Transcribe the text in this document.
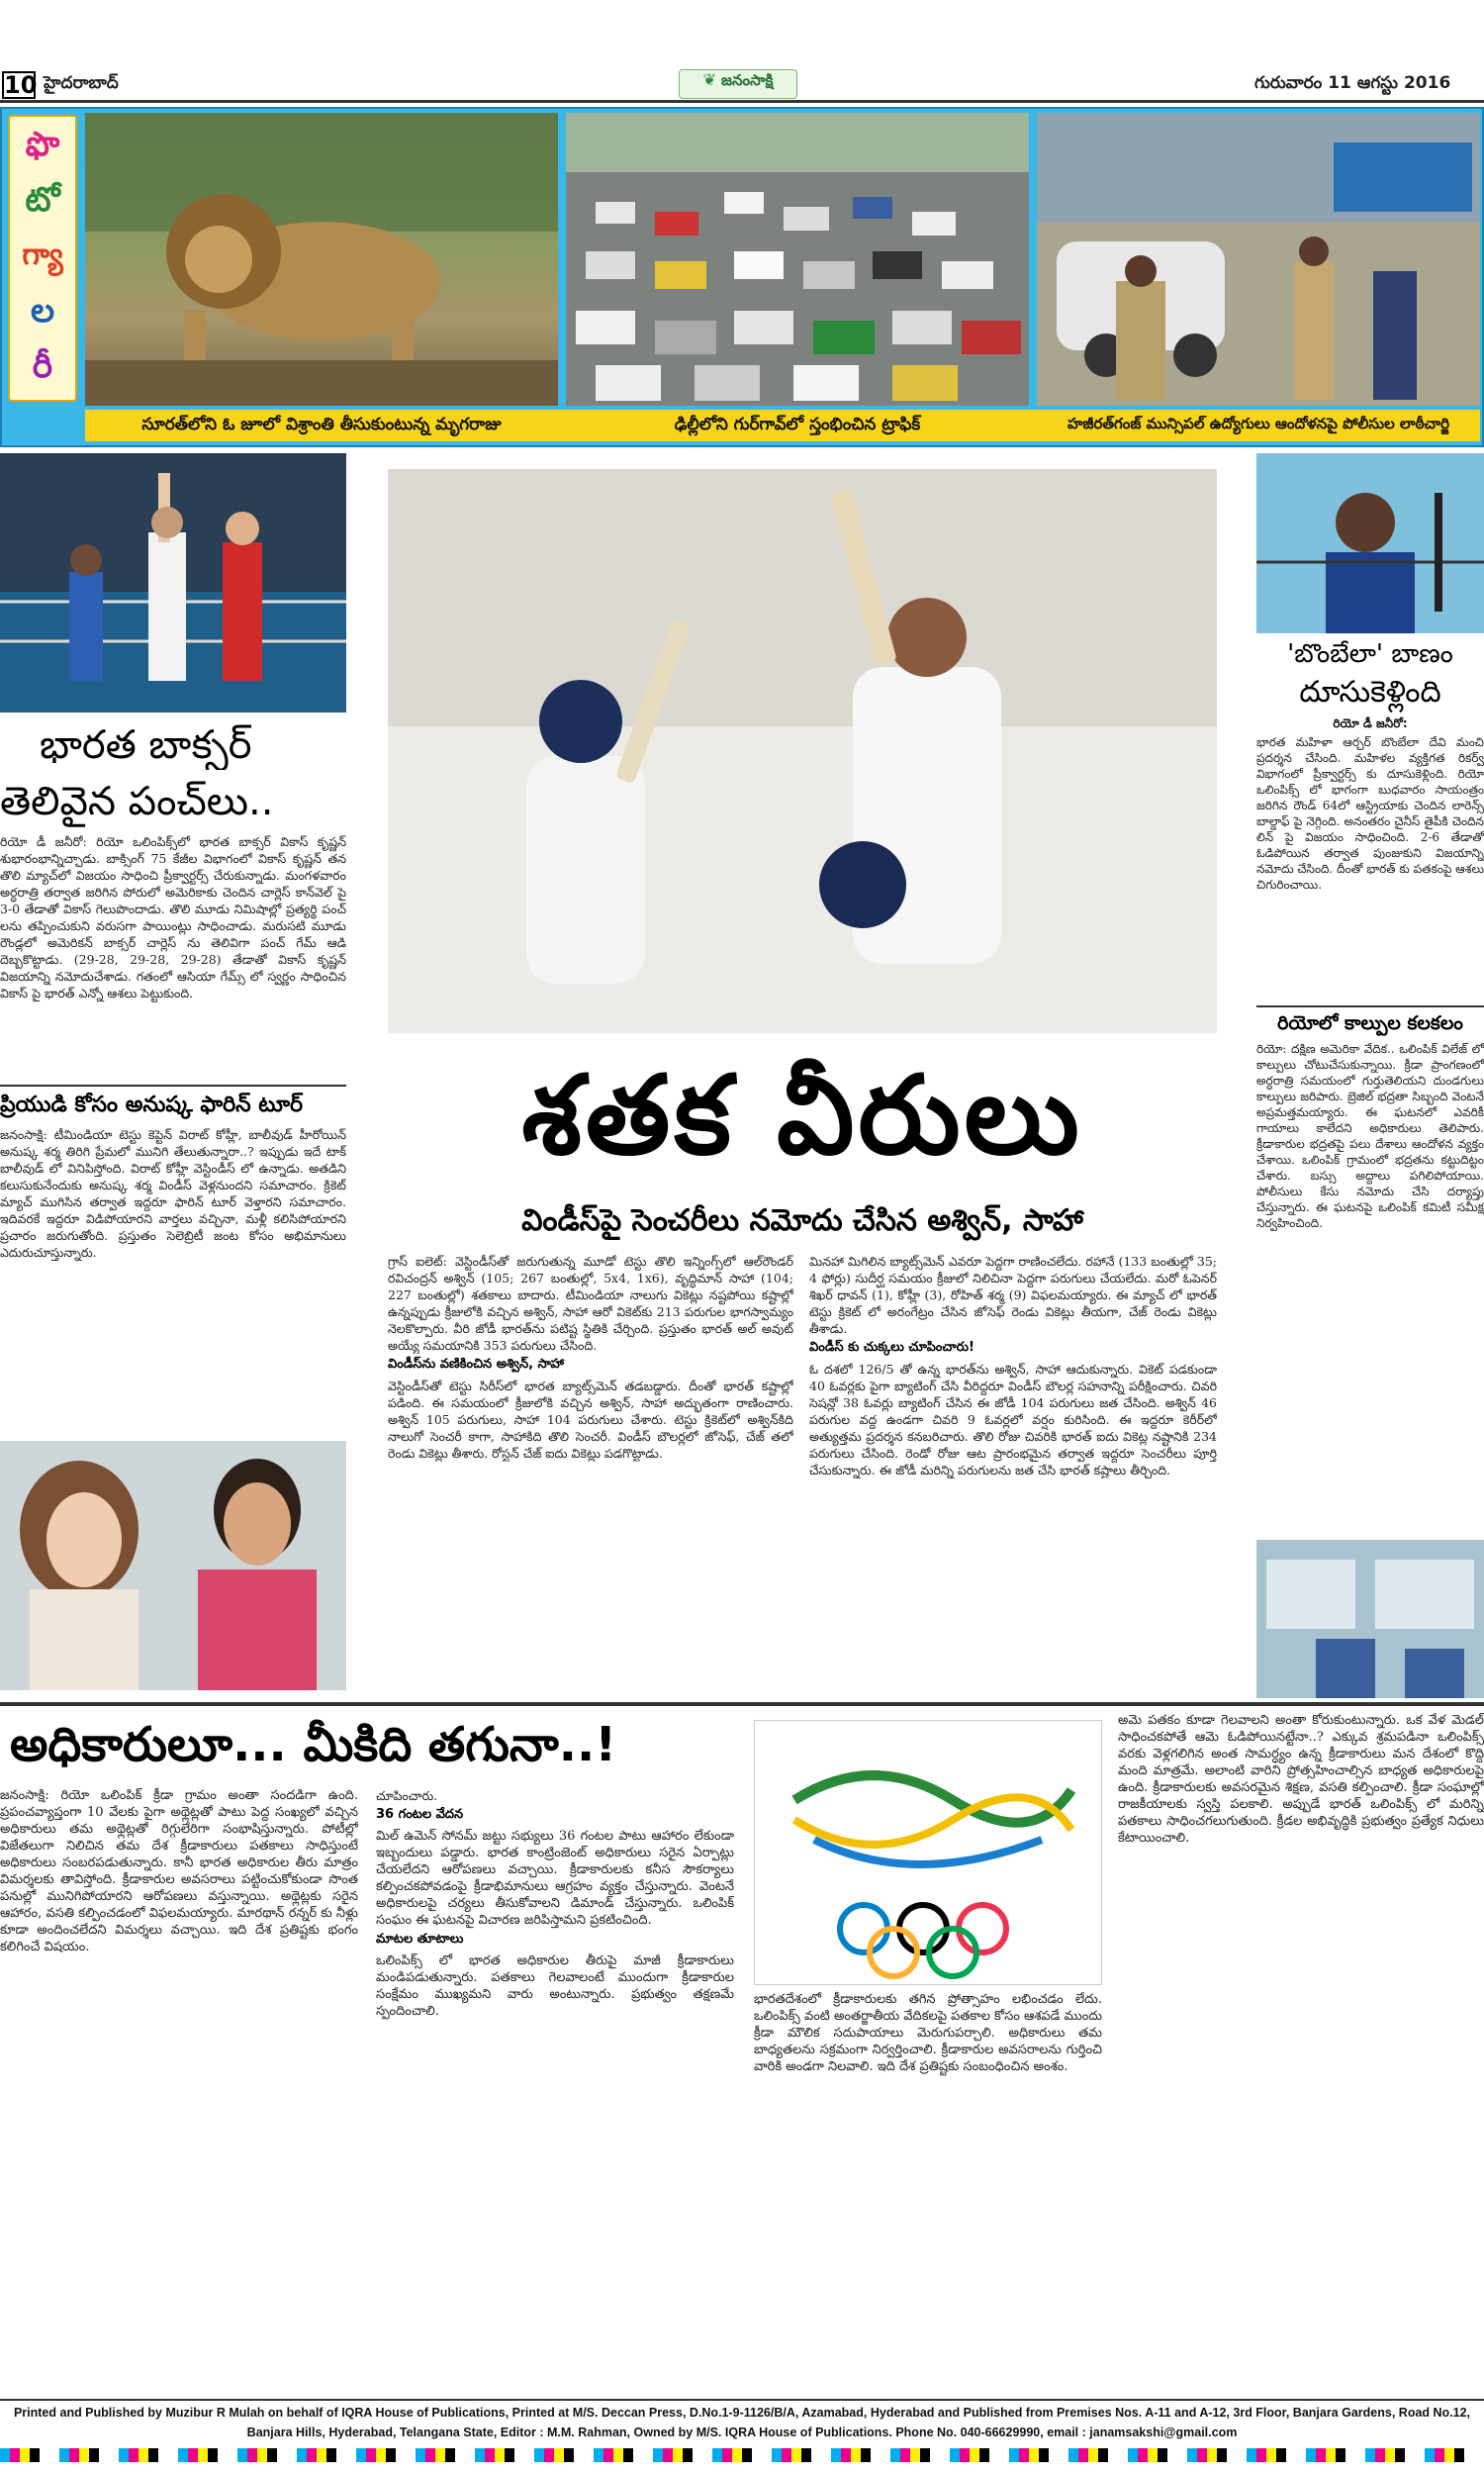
10 హైదరాబాద్	❦ జనంసాక్షి	గురువారం 11 ఆగస్టు 2016
ఫొ
టో
గ్యా
ల
రీ
సూరత్‌లోని ఓ జూలో విశ్రాంతి తీసుకుంటున్న మృగరాజు	ఢిల్లీలోని గుర్‌గావ్‌లో స్తంభించిన ట్రాఫిక్	హజీరత్‌గంజ్ మున్సిపల్ ఉద్యోగులు ఆందోళనపై పోలీసుల లాఠీచార్జి
భారత బాక్సర్
తెలివైన పంచ్‌లు..
రియో డీ జనీరో: రియో ఒలింపిక్స్‌లో భారత బాక్సర్ వికాస్ కృష్ణన్ శుభారంభాన్నిచ్చాడు. బాక్సింగ్ 75 కేజీల విభాగంలో వికాస్ కృష్ణన్ తన తొలి మ్యాచ్‌లో విజయం సాధించి ప్రీక్వార్టర్స్ చేరుకున్నాడు. మంగళవారం అర్ధరాత్రి తర్వాత జరిగిన పోరులో అమెరికాకు చెందిన చార్లెస్ కాన్‌వెల్ పై 3-0 తేడాతో వికాస్ గెలుపొందాడు. తొలి మూడు నిమిషాల్లో ప్రత్యర్థి పంచ్ లను తప్పించుకుని వరుసగా పాయింట్లు సాధించాడు. మరుసటి మూడు రౌండ్లలో అమెరికన్ బాక్సర్ చార్లెస్ ను తెలివిగా పంచ్ గేమ్ ఆడి దెబ్బకొట్టాడు. (29-28, 29-28, 29-28) తేడాతో వికాస్ కృష్ణన్ విజయాన్ని నమోదుచేశాడు. గతంలో ఆసియా గేమ్స్ లో స్వర్ణం సాధించిన వికాస్ పై భారత్ ఎన్నో ఆశలు పెట్టుకుంది.
ప్రియుడి కోసం అనుష్క ఫారిన్ టూర్
జనంసాక్షి: టీమిండియా టెస్టు కెప్టెన్ విరాట్ కోహ్లీ, బాలీవుడ్ హీరోయిన్ అనుష్క శర్మ తిరిగి ప్రేమలో మునిగి తేలుతున్నారా..? ఇప్పుడు ఇదే టాక్ బాలీవుడ్ లో వినిపిస్తోంది. విరాట్ కోహ్లీ వెస్టిండీస్ లో ఉన్నాడు. అతడిని కలుసుకునేందుకు అనుష్క శర్మ విండీస్ వెళ్లనుందని సమాచారం. క్రికెట్ మ్యాచ్ ముగిసిన తర్వాత ఇద్దరూ ఫారిన్ టూర్ వెళ్తారని సమాచారం. ఇదివరకే ఇద్దరూ విడిపోయారని వార్తలు వచ్చినా, మళ్లీ కలిసిపోయారని ప్రచారం జరుగుతోంది. ప్రస్తుతం సెలెబ్రిటీ జంట కోసం అభిమానులు ఎదురుచూస్తున్నారు.
శతక వీరులు
విండీస్‌పై సెంచరీలు నమోదు చేసిన అశ్విన్, సాహా
గ్రాస్ ఐలెట్: వెస్టిండీస్‌తో జరుగుతున్న మూడో టెస్టు తొలి ఇన్నింగ్స్‌లో ఆల్‌రౌండర్ రవిచంద్రన్ అశ్విన్ (105; 267 బంతుల్లో, 5x4, 1x6), వృద్ధిమాన్ సాహా (104; 227 బంతుల్లో) శతకాలు బాదారు. టీమిండియా నాలుగు వికెట్లు నష్టపోయి కష్టాల్లో ఉన్నప్పుడు క్రీజులోకి వచ్చిన అశ్విన్, సాహా ఆరో వికెట్‌కు 213 పరుగుల భాగస్వామ్యం నెలకొల్పారు. వీరి జోడీ భారత్‌ను పటిష్ట స్థితికి చేర్చింది. ప్రస్తుతం భారత్ అల్ అవుట్ అయ్యే సమయానికి 353 పరుగులు చేసింది.
విండీస్‌ను వణికించిన అశ్విన్, సాహా
వెస్టిండీస్‌తో టెస్టు సిరీస్‌లో భారత బ్యాట్స్‌మెన్ తడబడ్డారు. దీంతో భారత్ కష్టాల్లో పడింది. ఈ సమయంలో క్రీజులోకి వచ్చిన అశ్విన్, సాహా అద్భుతంగా రాణించారు. అశ్విన్ 105 పరుగులు, సాహా 104 పరుగులు చేశారు. టెస్టు క్రికెట్‌లో అశ్విన్‌కిది నాలుగో సెంచరీ కాగా, సాహాకిది తొలి సెంచరీ. విండీస్ బౌలర్లలో జోసెఫ్, చేజ్ తలో రెండు వికెట్లు తీశారు. రోస్టన్ చేజ్ ఐదు వికెట్లు పడగొట్టాడు.
మినహా మిగిలిన బ్యాట్స్‌మెన్ ఎవరూ పెద్దగా రాణించలేదు. రహానే (133 బంతుల్లో 35; 4 ఫోర్లు) సుదీర్ఘ సమయం క్రీజులో నిలిచినా పెద్దగా పరుగులు చేయలేదు. మరో ఓపెనర్ శిఖర్ ధావన్ (1), కోహ్లీ (3), రోహిత్ శర్మ (9) విఫలమయ్యారు. ఈ మ్యాచ్ లో భారత్ టెస్టు క్రికెట్ లో అరంగేట్రం చేసిన జోసెఫ్ రెండు వికెట్లు తీయగా, చేజ్ రెండు వికెట్లు తీశాడు.
విండీస్ కు చుక్కలు చూపించారు!
ఓ దశలో 126/5 తో ఉన్న భారత్‌ను అశ్విన్, సాహా ఆదుకున్నారు. వికెట్ పడకుండా 40 ఓవర్లకు పైగా బ్యాటింగ్ చేసి వీరిద్దరూ విండీస్ బౌలర్ల సహనాన్ని పరీక్షించారు. చివరి సెషన్లో 38 ఓవర్లు బ్యాటింగ్ చేసిన ఈ జోడీ 104 పరుగులు జత చేసింది. అశ్విన్ 46 పరుగుల వద్ద ఉండగా చివరి 9 ఓవర్లలో వర్షం కురిసింది. ఈ ఇద్దరూ కెరీర్‌లో అత్యుత్తమ ప్రదర్శన కనబరిచారు. తొలి రోజు చివరికి భారత్ ఐదు వికెట్ల నష్టానికి 234 పరుగులు చేసింది. రెండో రోజు ఆట ప్రారంభమైన తర్వాత ఇద్దరూ సెంచరీలు పూర్తి చేసుకున్నారు. ఈ జోడీ మరిన్ని పరుగులను జత చేసి భారత్ కష్టాలు తీర్చింది.
'బొంబేలా' బాణం
దూసుకెళ్లింది
రియో డీ జనీరో:
భారత మహిళా ఆర్చర్ బొంబేలా దేవి మంచి ప్రదర్శన చేసింది. మహిళల వ్యక్తిగత రికర్వ్ విభాగంలో ప్రీక్వార్టర్స్ కు దూసుకెళ్లింది. రియో ఒలింపిక్స్ లో భాగంగా బుధవారం సాయంత్రం జరిగిన రౌండ్ 64లో ఆస్ట్రియాకు చెందిన లారెన్స్ బాల్డాఫ్ పై నెగ్గింది. అనంతరం చైనీస్ తైపీకి చెందిన లిన్ పై విజయం సాధించింది. 2-6 తేడాతో ఓడిపోయిన తర్వాత పుంజుకుని విజయాన్ని నమోదు చేసింది. దీంతో భారత్ కు పతకంపై ఆశలు చిగురించాయి.
రియోలో కాల్పుల కలకలం
రియో: దక్షిణ అమెరికా వేదిక.. ఒలింపిక్ విలేజ్ లో కాల్పులు చోటుచేసుకున్నాయి. క్రీడా ప్రాంగణంలో అర్ధరాత్రి సమయంలో గుర్తుతెలియని దుండగులు కాల్పులు జరిపారు. బ్రెజిల్ భద్రతా సిబ్బంది వెంటనే అప్రమత్తమయ్యారు. ఈ ఘటనలో ఎవరికీ గాయాలు కాలేదని అధికారులు తెలిపారు. క్రీడాకారుల భద్రతపై పలు దేశాలు ఆందోళన వ్యక్తం చేశాయి. ఒలింపిక్ గ్రామంలో భద్రతను కట్టుదిట్టం చేశారు. బస్సు అద్దాలు పగిలిపోయాయి. పోలీసులు కేసు నమోదు చేసి దర్యాప్తు చేస్తున్నారు. ఈ ఘటనపై ఒలింపిక్ కమిటీ సమీక్ష నిర్వహించింది.
అధికారులూ... మీకిది తగునా..!
జనంసాక్షి: రియో ఒలింపిక్ క్రీడా గ్రామం అంతా సందడిగా ఉంది. ప్రపంచవ్యాప్తంగా 10 వేలకు పైగా అథ్లెట్లతో పాటు పెద్ద సంఖ్యలో వచ్చిన అధికారులు తమ అథ్లెట్లతో రిగ్గులేరిగా సంభాషిస్తున్నారు. పోటీల్లో విజేతలుగా నిలిచిన తమ దేశ క్రీడాకారులు పతకాలు సాధిస్తుంటే అధికారులు సంబరపడుతున్నారు. కానీ భారత అధికారుల తీరు మాత్రం విమర్శలకు తావిస్తోంది. క్రీడాకారుల అవసరాలు పట్టించుకోకుండా సొంత పనుల్లో మునిగిపోయారని ఆరోపణలు వస్తున్నాయి. అథ్లెట్లకు సరైన ఆహారం, వసతి కల్పించడంలో విఫలమయ్యారు. మారథాన్ రన్నర్ కు నీళ్లు కూడా అందించలేదని విమర్శలు వచ్చాయి. ఇది దేశ ప్రతిష్టకు భంగం కలిగించే విషయం.
చూపించారు.
36 గంటల వేదన
మిల్ ఉమెన్ సోనమ్ జట్టు సభ్యులు 36 గంటల పాటు ఆహారం లేకుండా ఇబ్బందులు పడ్డారు. భారత కాంట్రింజెంట్ అధికారులు సరైన ఏర్పాట్లు చేయలేదని ఆరోపణలు వచ్చాయి. క్రీడాకారులకు కనీస సౌకర్యాలు కల్పించకపోవడంపై క్రీడాభిమానులు ఆగ్రహం వ్యక్తం చేస్తున్నారు. వెంటనే అధికారులపై చర్యలు తీసుకోవాలని డిమాండ్ చేస్తున్నారు. ఒలింపిక్ సంఘం ఈ ఘటనపై విచారణ జరిపిస్తామని ప్రకటించింది.
మాటల తూటాలు
ఒలింపిక్స్ లో భారత అధికారుల తీరుపై మాజీ క్రీడాకారులు మండిపడుతున్నారు. పతకాలు గెలవాలంటే ముందుగా క్రీడాకారుల సంక్షేమం ముఖ్యమని వారు అంటున్నారు. ప్రభుత్వం తక్షణమే స్పందించాలి.
భారతదేశంలో క్రీడాకారులకు తగిన ప్రోత్సాహం లభించడం లేదు. ఒలింపిక్స్ వంటి అంతర్జాతీయ వేదికలపై పతకాల కోసం ఆశపడే ముందు క్రీడా మౌలిక సదుపాయాలు మెరుగుపర్చాలి. అధికారులు తమ బాధ్యతలను సక్రమంగా నిర్వర్తించాలి. క్రీడాకారుల అవసరాలను గుర్తించి వారికి అండగా నిలవాలి. ఇది దేశ ప్రతిష్టకు సంబంధించిన అంశం.
అమె పతకం కూడా గెలవాలని అంతా కోరుకుంటున్నారు. ఒక వేళ మెడల్ సాధించకపోతే ఆమె ఓడిపోయినట్టేనా..? ఎక్కువ శ్రమపడినా ఒలింపిక్స్ వరకు వెళ్లగలిగిన అంత సామర్ధ్యం ఉన్న క్రీడాకారులు మన దేశంలో కొద్ది మంది మాత్రమే. అలాంటి వారిని ప్రోత్సహించాల్సిన బాధ్యత అధికారులపై ఉంది. క్రీడాకారులకు అవసరమైన శిక్షణ, వసతి కల్పించాలి. క్రీడా సంఘాల్లో రాజకీయాలకు స్వస్తి పలకాలి. అప్పుడే భారత్ ఒలింపిక్స్ లో మరిన్ని పతకాలు సాధించగలుగుతుంది. క్రీడల అభివృద్ధికి ప్రభుత్వం ప్రత్యేక నిధులు కేటాయించాలి.
Printed and Published by Muzibur R Mulah on behalf of IQRA House of Publications, Printed at M/S. Deccan Press, D.No.1-9-1126/B/A, Azamabad, Hyderabad and Published from Premises Nos. A-11 and A-12, 3rd Floor, Banjara Gardens, Road No.12, Banjara Hills, Hyderabad, Telangana State, Editor : M.M. Rahman, Owned by M/S. IQRA House of Publications. Phone No. 040-66629990, email : janamsakshi@gmail.com
